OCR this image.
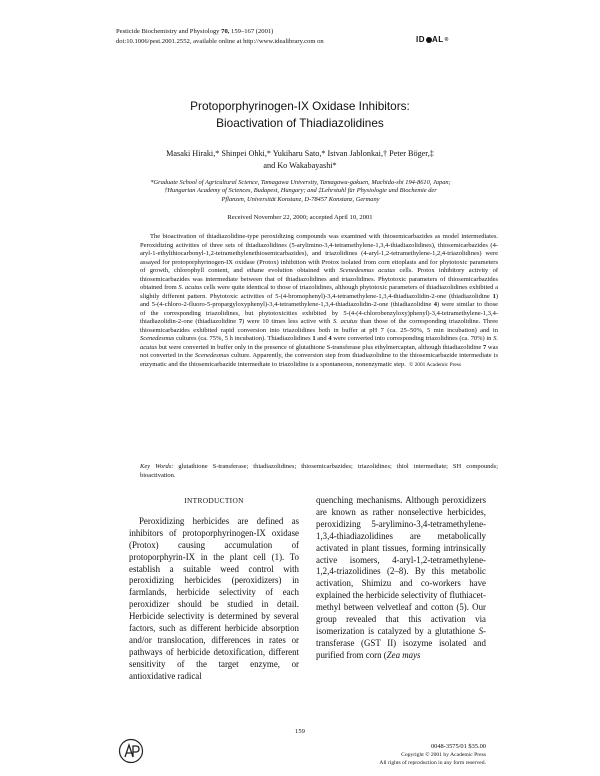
Pesticide Biochemistry and Physiology 70, 159–167 (2001)
doi:10.1006/pest.2001.2552, available online at http://www.idealibrary.com on	ID AL ®
Protoporphyrinogen-IX Oxidase Inhibitors:
Bioactivation of Thiadiazolidines
Masaki Hiraki,* Shinpei Ohki,* Yukiharu Sato,* Istvan Jablonkai,† Peter Böger,‡
and Ko Wakabayashi*
*Graduate School of Agricultural Science, Tamagawa University, Tamagawa-gakuen, Machida-shi 194-8610, Japan;
†Hungarian Academy of Sciences, Budapest, Hungary; and ‡Lehrstuhl für Physiologie und Biochemie der
Pflanzen, Universität Konstanz, D-78457 Konstanz, Germany
Received November 22, 2000; accepted April 10, 2001
The bioactivation of thiadiazolidine-type peroxidizing compounds was examined with thiosemicarbazides as model intermediates. Peroxidizing activities of three sets of thiadiazolidines (5-arylimino-3,4-tetramethylene-1,3,4-thiadiazolidines), thiosemicarbazides (4-aryl-1-ethylthiocarbonyl-1,2-tetramethylenethiosemicarbazides), and triazolidines (4-aryl-1,2-tetramethylene-1,2,4-triazolidines) were assayed for protoporphyrinogen-IX oxidase (Protox) inhibition with Protox isolated from corn etioplasts and for phytotoxic parameters of growth, chlorophyll content, and ethane evolution obtained with Scenedesmus acutus cells. Protox inhibitory activity of thiosemicarbazides was intermediate between that of thiadiazolidines and triazolidines. Phytotoxic parameters of thiosemicarbazides obtained from S. acutus cells were quite identical to those of triazolidines, although phytotoxic parameters of thiadiazolidines exhibited a slightly different pattern. Phytotoxic activities of 5-(4-bromophenyl)-3,4-tetramethylene-1,3,4-thiadiazolidin-2-one (thiadiazolidine 1) and 5-(4-chloro-2-fluoro-5-propargyloxyphenyl)-3,4-tetramethylene-1,3,4-thiadiazolidin-2-one (thiadiazolidine 4) were similar to those of the corresponding triazolidines, but phytotoxicities exhibited by 5-(4-(4-chlorobenzyloxy)phenyl)-3,4-tetramethylene-1,3,4-thiadiazolidin-2-one (thiadiazolidine 7) were 10 times less active with S. acutus than those of the corresponding triazolidine. Three thiosemicarbazides exhibited rapid conversion into triazolidines both in buffer at pH 7 (ca. 25–50%, 5 min incubation) and in Scenedesmus cultures (ca. 75%, 5 h incubation). Thiadiazolidines 1 and 4 were converted into corresponding triazolidines (ca. 70%) in S. acutus but were converted in buffer only in the presence of glutathione S-transferase plus ethylmercaptan, although thiadiazolidine 7 was not converted in the Scenedesmus culture. Apparently, the conversion step from thiadiazolidine to the thiosemicarbazide intermediate is enzymatic and the thiosemicarbazide intermediate to triazolidine is a spontaneous, nonenzymatic step. © 2001 Academic Press
Key Words: glutathione S-transferase; thiadiazolidines; thiosemicarbazides; triazolidines; thiol intermediate; SH compounds; bioactivation.
INTRODUCTION
Peroxidizing herbicides are defined as inhibitors of protoporphyrinogen-IX oxidase (Protox) causing accumulation of protoporphyrin-IX in the plant cell (1). To establish a suitable weed control with peroxidizing herbicides (peroxidizers) in farmlands, herbicide selectivity of each peroxidizer should be studied in detail. Herbicide selectivity is determined by several factors, such as different herbicide absorption and/or translocation, differences in rates or pathways of herbicide detoxification, different sensitivity of the target enzyme, or antioxidative radical
quenching mechanisms. Although peroxidizers are known as rather nonselective herbicides, peroxidizing 5-arylimino-3,4-tetramethylene-1,3,4-thiadiazolidines are metabolically activated in plant tissues, forming intrinsically active isomers, 4-aryl-1,2-tetramethylene-1,2,4-triazolidines (2–8). By this metabolic activation, Shimizu and co-workers have explained the herbicide selectivity of fluthiacet-methyl between velvetleaf and cotton (5). Our group revealed that this activation via isomerization is catalyzed by a glutathione S-transferase (GST II) isozyme isolated and purified from corn (Zea mays
159
0048-3575/01 $35.00
Copyright © 2001 by Academic Press
All rights of reproduction in any form reserved.
